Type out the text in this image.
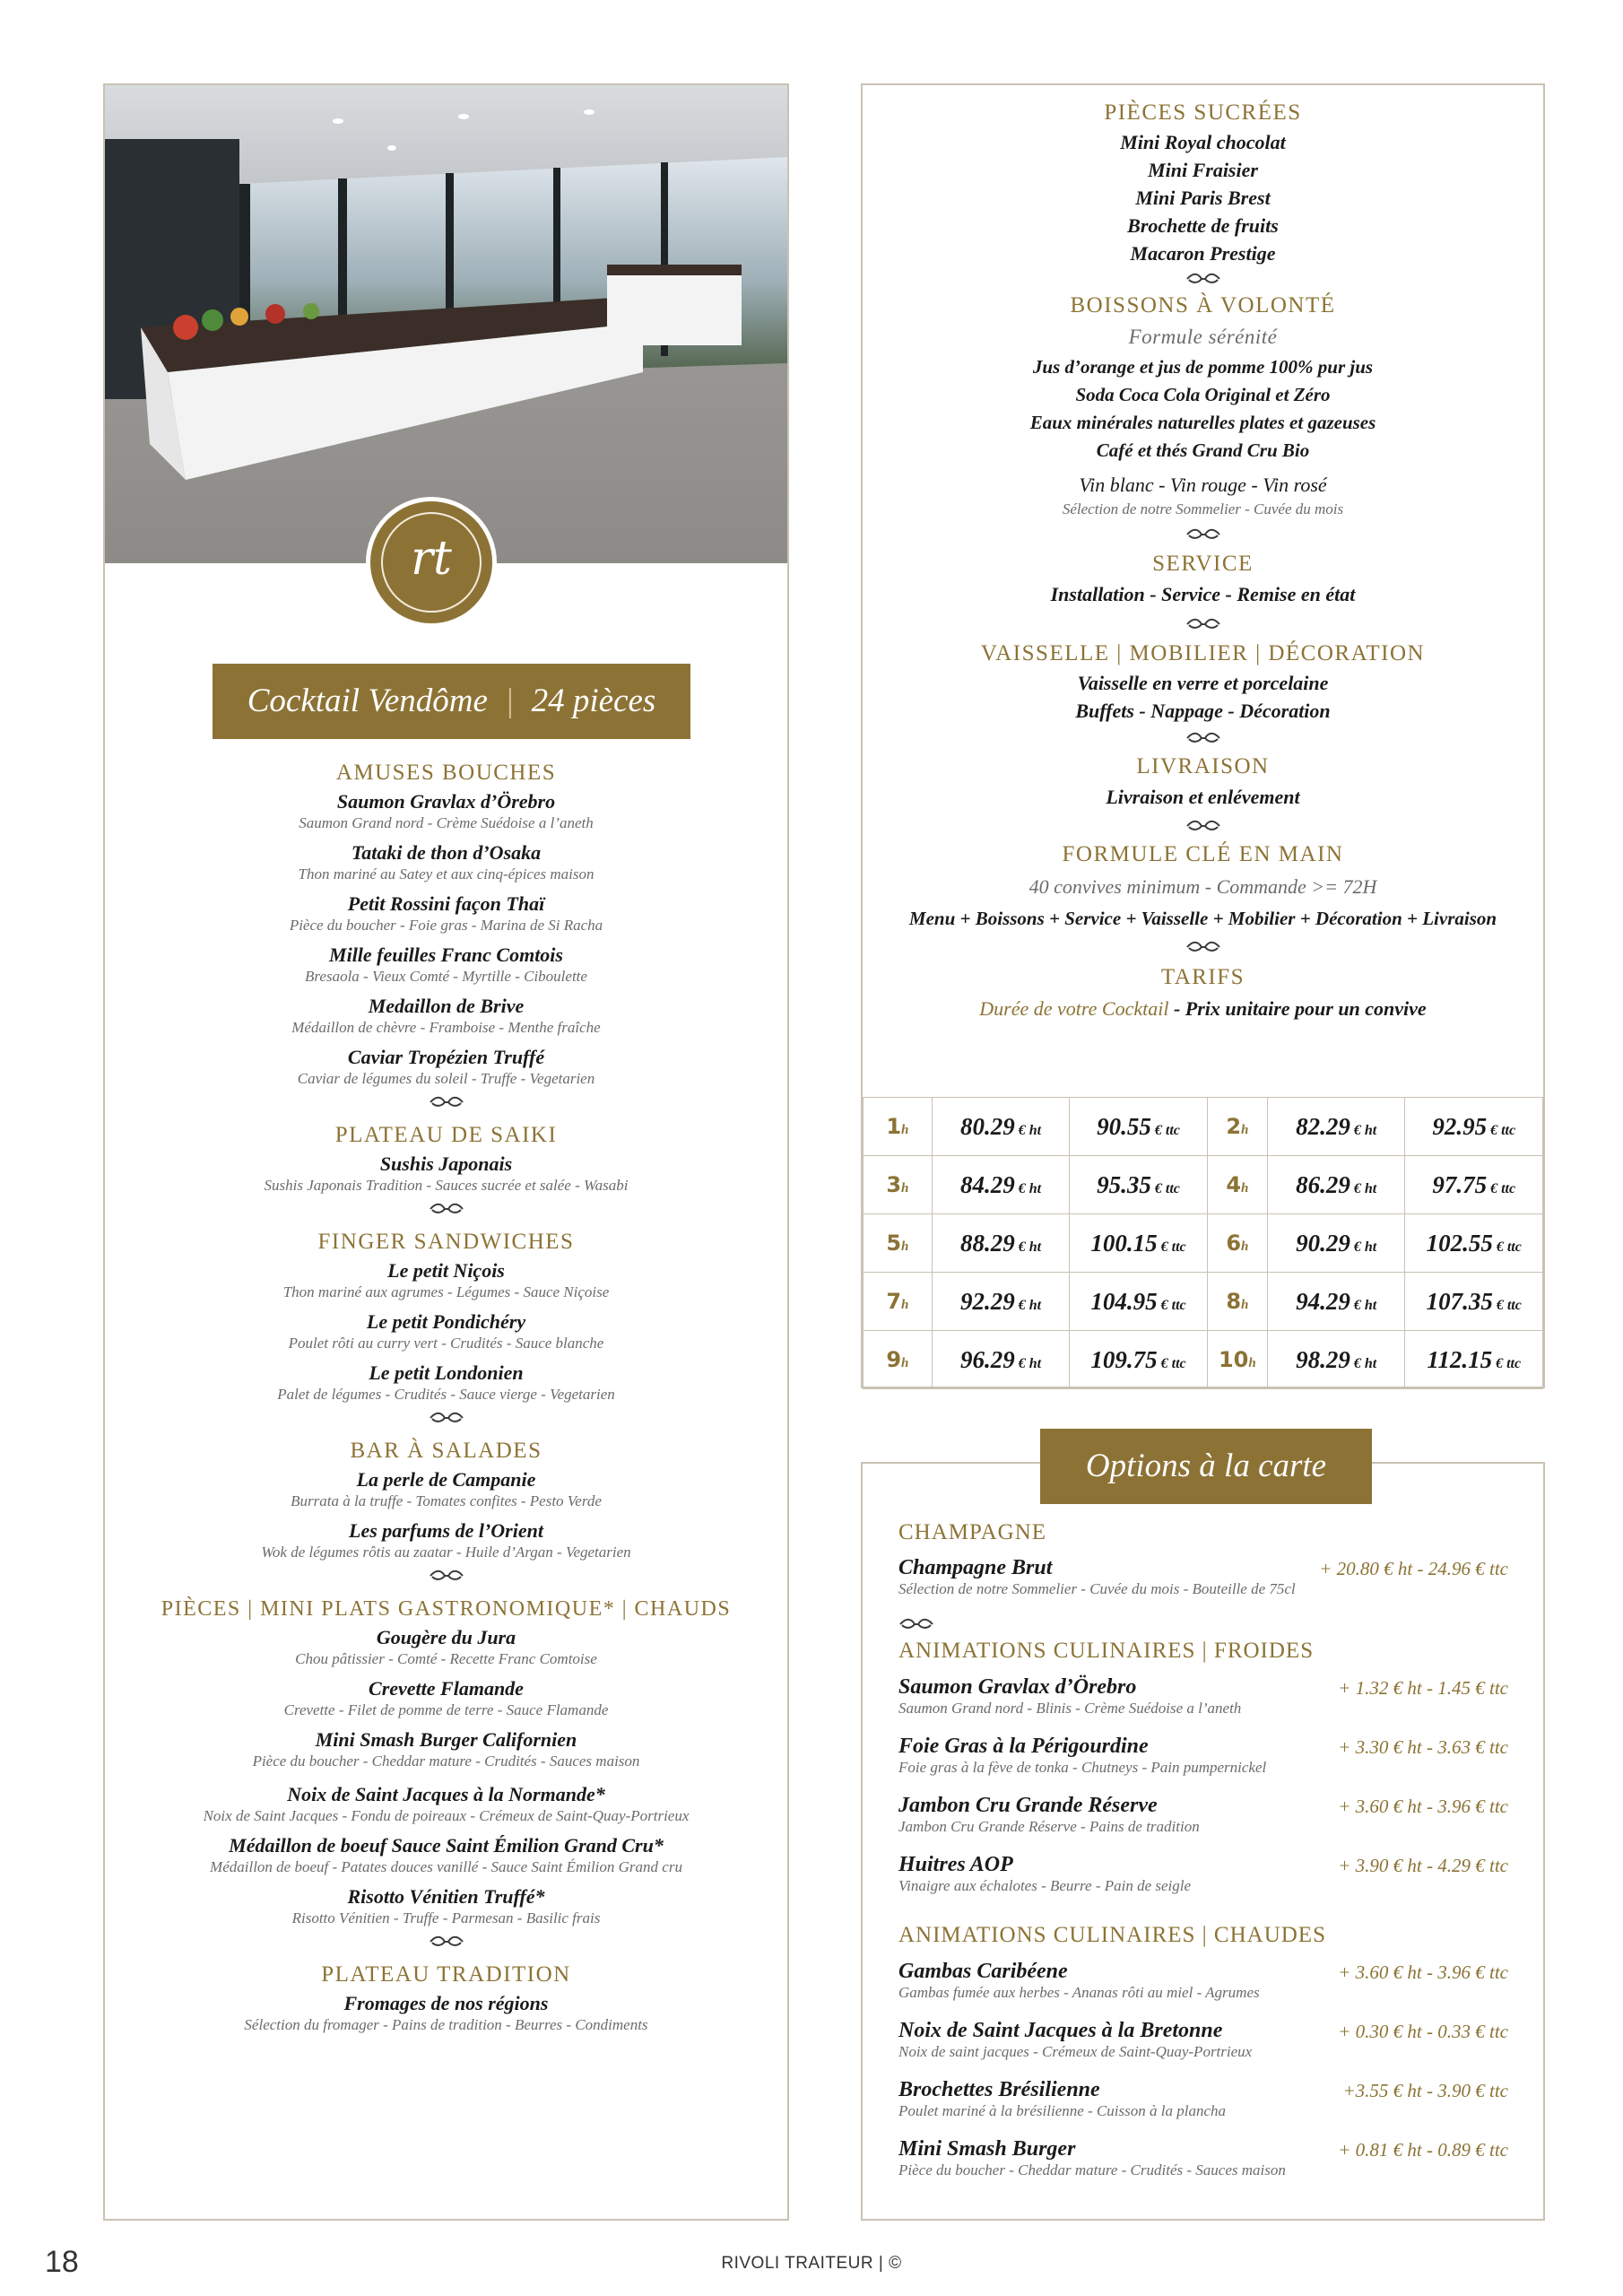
rt
Cocktail Vendôme | 24 pièces
AMUSES BOUCHES
Saumon Gravlax d’Örebro
Saumon Grand nord - Crème Suédoise a l’aneth
Tataki de thon d’Osaka
Thon mariné au Satey et aux cinq-épices maison
Petit Rossini façon Thaï
Pièce du boucher - Foie gras - Marina de Si Racha
Mille feuilles Franc Comtois
Bresaola - Vieux Comté - Myrtille - Ciboulette
Medaillon de Brive
Médaillon de chèvre - Framboise - Menthe fraîche
Caviar Tropézien Truffé
Caviar de légumes du soleil - Truffe - Vegetarien
PLATEAU DE SAIKI
Sushis Japonais
Sushis Japonais Tradition - Sauces sucrée et salée - Wasabi
FINGER SANDWICHES
Le petit Niçois
Thon mariné aux agrumes - Légumes - Sauce Niçoise
Le petit Pondichéry
Poulet rôti au curry vert - Crudités - Sauce blanche
Le petit Londonien
Palet de légumes - Crudités - Sauce vierge - Vegetarien
BAR À SALADES
La perle de Campanie
Burrata à la truffe - Tomates confites - Pesto Verde
Les parfums de l’Orient
Wok de légumes rôtis au zaatar - Huile d’Argan - Vegetarien
PIÈCES | MINI PLATS GASTRONOMIQUE* | CHAUDS
Gougère du Jura
Chou pâtissier - Comté - Recette Franc Comtoise
Crevette Flamande
Crevette - Filet de pomme de terre - Sauce Flamande
Mini Smash Burger Californien
Pièce du boucher - Cheddar mature - Crudités - Sauces maison
Noix de Saint Jacques à la Normande*
Noix de Saint Jacques - Fondu de poireaux - Crémeux de Saint-Quay-Portrieux
Médaillon de boeuf Sauce Saint Émilion Grand Cru*
Médaillon de boeuf - Patates douces vanillé - Sauce Saint Émilion Grand cru
Risotto Vénitien Truffé*
Risotto Vénitien - Truffe - Parmesan - Basilic frais
PLATEAU TRADITION
Fromages de nos régions
Sélection du fromager - Pains de tradition - Beurres - Condiments
PIÈCES SUCRÉES
Mini Royal chocolat
Mini Fraisier
Mini Paris Brest
Brochette de fruits
Macaron Prestige
BOISSONS À VOLONTÉ
Formule sérénité
Jus d’orange et jus de pomme 100% pur jus
Soda Coca Cola Original et Zéro
Eaux minérales naturelles plates et gazeuses
Café et thés Grand Cru Bio
Vin blanc - Vin rouge - Vin rosé
Sélection de notre Sommelier - Cuvée du mois
SERVICE
Installation - Service - Remise en état
VAISSELLE | MOBILIER | DÉCORATION
Vaisselle en verre et porcelaine
Buffets - Nappage - Décoration
LIVRAISON
Livraison et enlévement
FORMULE CLÉ EN MAIN
40 convives minimum - Commande >= 72H
Menu + Boissons + Service + Vaisselle + Mobilier + Décoration + Livraison
TARIFS
Durée de votre Cocktail - Prix unitaire pour un convive
1h	80.29 € ht	90.55 € ttc	2h	82.29 € ht	92.95 € ttc
3h	84.29 € ht	95.35 € ttc	4h	86.29 € ht	97.75 € ttc
5h	88.29 € ht	100.15 € ttc	6h	90.29 € ht	102.55 € ttc
7h	92.29 € ht	104.95 € ttc	8h	94.29 € ht	107.35 € ttc
9h	96.29 € ht	109.75 € ttc	10h	98.29 € ht	112.15 € ttc
Options à la carte
CHAMPAGNE
Champagne Brut	+ 20.80 € ht - 24.96 € ttc
Sélection de notre Sommelier - Cuvée du mois - Bouteille de 75cl
ANIMATIONS CULINAIRES | FROIDES
ANIMATIONS CULINAIRES | CHAUDES
Saumon Gravlax d’Örebro	+ 1.32 € ht - 1.45 € ttc
Saumon Grand nord - Blinis - Crème Suédoise a l’aneth
Foie Gras à la Périgourdine	+ 3.30 € ht - 3.63 € ttc
Foie gras à la fève de tonka - Chutneys - Pain pumpernickel
Jambon Cru Grande Réserve	+ 3.60 € ht - 3.96 € ttc
Jambon Cru Grande Réserve - Pains de tradition
Huitres AOP	+ 3.90 € ht - 4.29 € ttc
Vinaigre aux échalotes - Beurre - Pain de seigle
Gambas Caribéene	+ 3.60 € ht - 3.96 € ttc
Gambas fumée aux herbes - Ananas rôti au miel - Agrumes
Noix de Saint Jacques à la Bretonne	+ 0.30 € ht - 0.33 € ttc
Noix de saint jacques - Crémeux de Saint-Quay-Portrieux
Brochettes Brésilienne	+3.55 € ht - 3.90 € ttc
Poulet mariné à la brésilienne - Cuisson à la plancha
Mini Smash Burger	+ 0.81 € ht - 0.89 € ttc
Pièce du boucher - Cheddar mature - Crudités - Sauces maison
18	RIVOLI TRAITEUR | ©
